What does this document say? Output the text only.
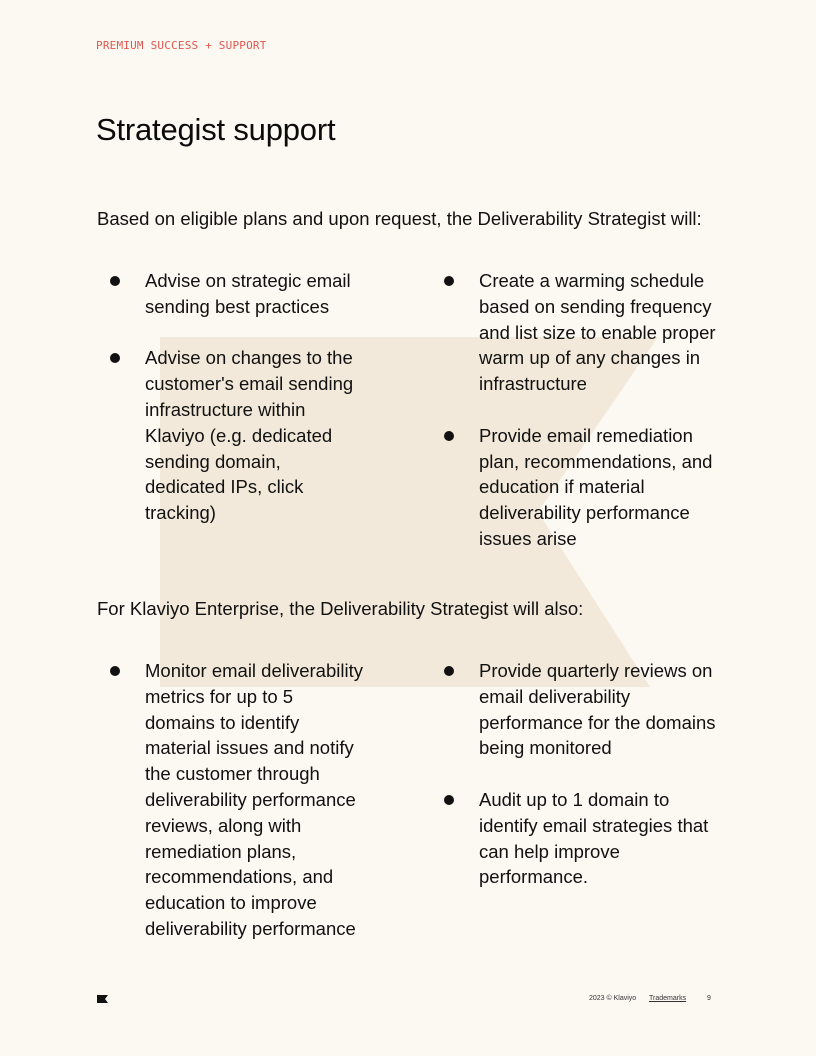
PREMIUM SUCCESS + SUPPORT
Strategist support

Based on eligible plans and upon request, the Deliverability Strategist will:

Advise on strategic email sending best practices
Advise on changes to the customer's email sending infrastructure within Klaviyo (e.g. dedicated sending domain, dedicated IPs, click tracking)
Create a warming schedule based on sending frequency and list size to enable proper warm up of any changes in infrastructure
Provide email remediation plan, recommendations, and education if material deliverability performance issues arise

For Klaviyo Enterprise, the Deliverability Strategist will also:

Monitor email deliverability metrics for up to 5 domains to identify material issues and notify the customer through deliverability performance reviews, along with remediation plans, recommendations, and education to improve deliverability performance
Provide quarterly reviews on email deliverability performance for the domains being monitored
Audit up to 1 domain to identify email strategies that can help improve performance.
2023 © Klaviyo Trademarks	9
